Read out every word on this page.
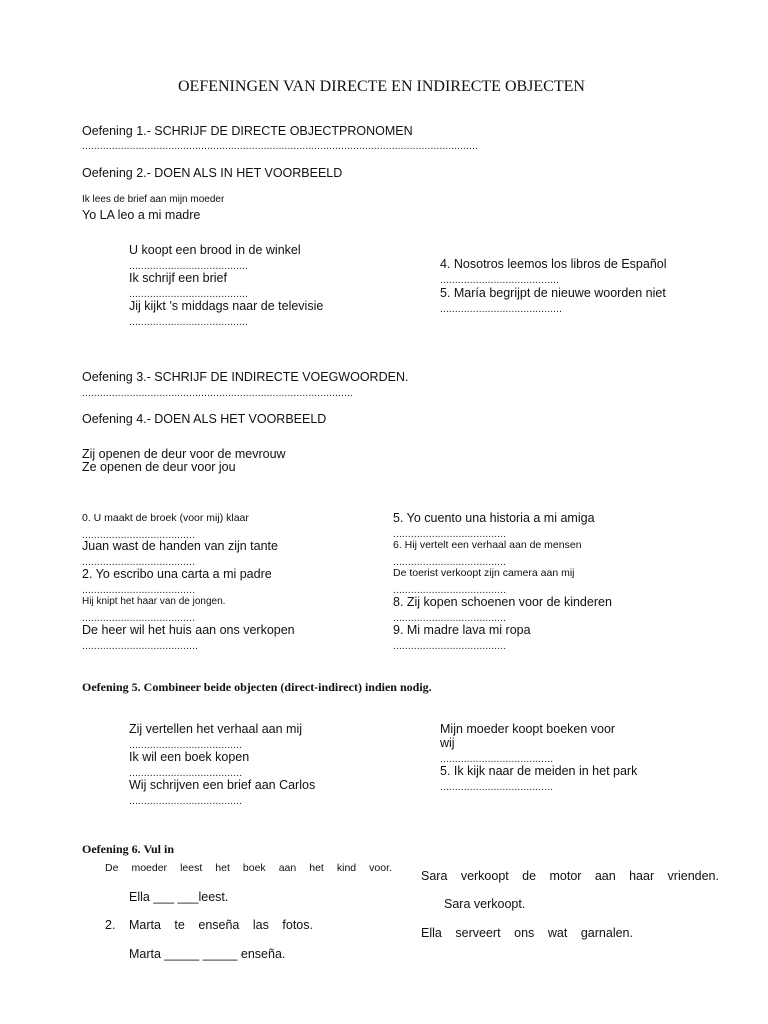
OEFENINGEN VAN DIRECTE EN INDIRECTE OBJECTEN
Oefening 1.- SCHRIJF DE DIRECTE OBJECTPRONOMEN
.....................................................................................................................................
Oefening 2.- DOEN ALS IN HET VOORBEELD
Ik lees de brief aan mijn moeder
Yo LA leo a mi madre
U koopt een brood in de winkel
........................................
Ik schrijf een brief
........................................
Jij kijkt ’s middags naar de televisie
........................................
4. Nosotros leemos los libros de Español
........................................
5. María begrijpt de nieuwe woorden niet
.........................................
Oefening 3.- SCHRIJF DE INDIRECTE VOEGWOORDEN.
...........................................................................................
Oefening 4.- DOEN ALS HET VOORBEELD
Zij openen de deur voor de mevrouw
Ze openen de deur voor jou
0. U maakt de broek (voor mij) klaar
......................................
Juan wast de handen van zijn tante
......................................
2. Yo escribo una carta a mi padre
......................................
Hij knipt het haar van de jongen.
......................................
De heer wil het huis aan ons verkopen
.......................................
5. Yo cuento una historia a mi amiga
......................................
6. Hij vertelt een verhaal aan de mensen
......................................
De toerist verkoopt zijn camera aan mij
......................................
8. Zij kopen schoenen voor de kinderen
......................................
9. Mi madre lava mi ropa
......................................
Oefening 5. Combineer beide objecten (direct-indirect) indien nodig.
Zij vertellen het verhaal aan mij
......................................
Ik wil een boek kopen
......................................
Wij schrijven een brief aan Carlos
......................................
Mijn moeder koopt boeken voor
wij
......................................
5. Ik kijk naar de meiden in het park
......................................
Oefening 6. Vul in
De moeder leest het boek aan het kind voor.
Ella ___ ___leest.
2. Marta te enseña las fotos.
Marta _____ _____ enseña.
Sara verkoopt de motor aan haar vrienden.
Sara verkoopt.
Ella serveert ons wat garnalen.
